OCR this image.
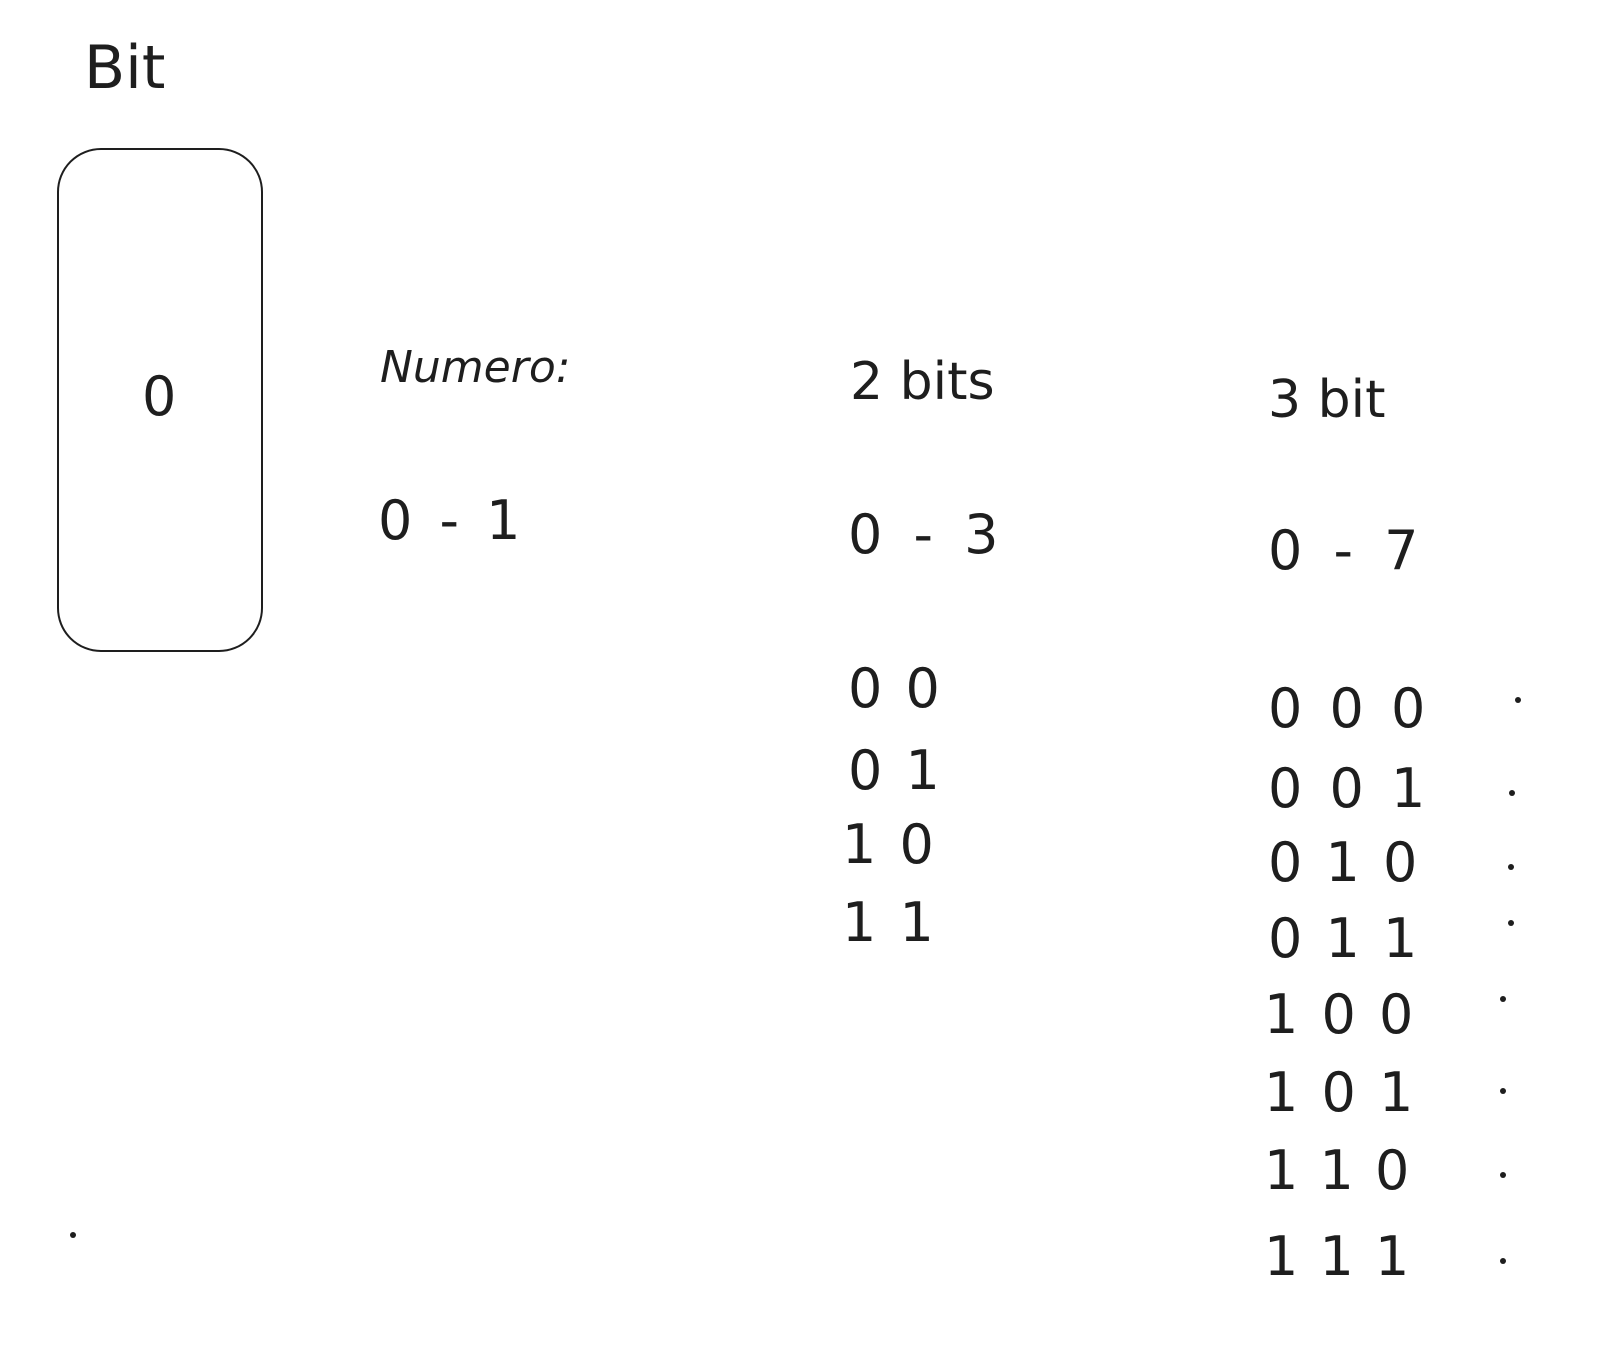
Bit
0	Numero:
0 - 1
2 bits
0 - 3
0 0
0 1
1 0
1 1
3 bit
0 - 7
0 0 0
0 0 1
0 1 0
0 1 1
1 0 0
1 0 1
1 1 0
1 1 1
